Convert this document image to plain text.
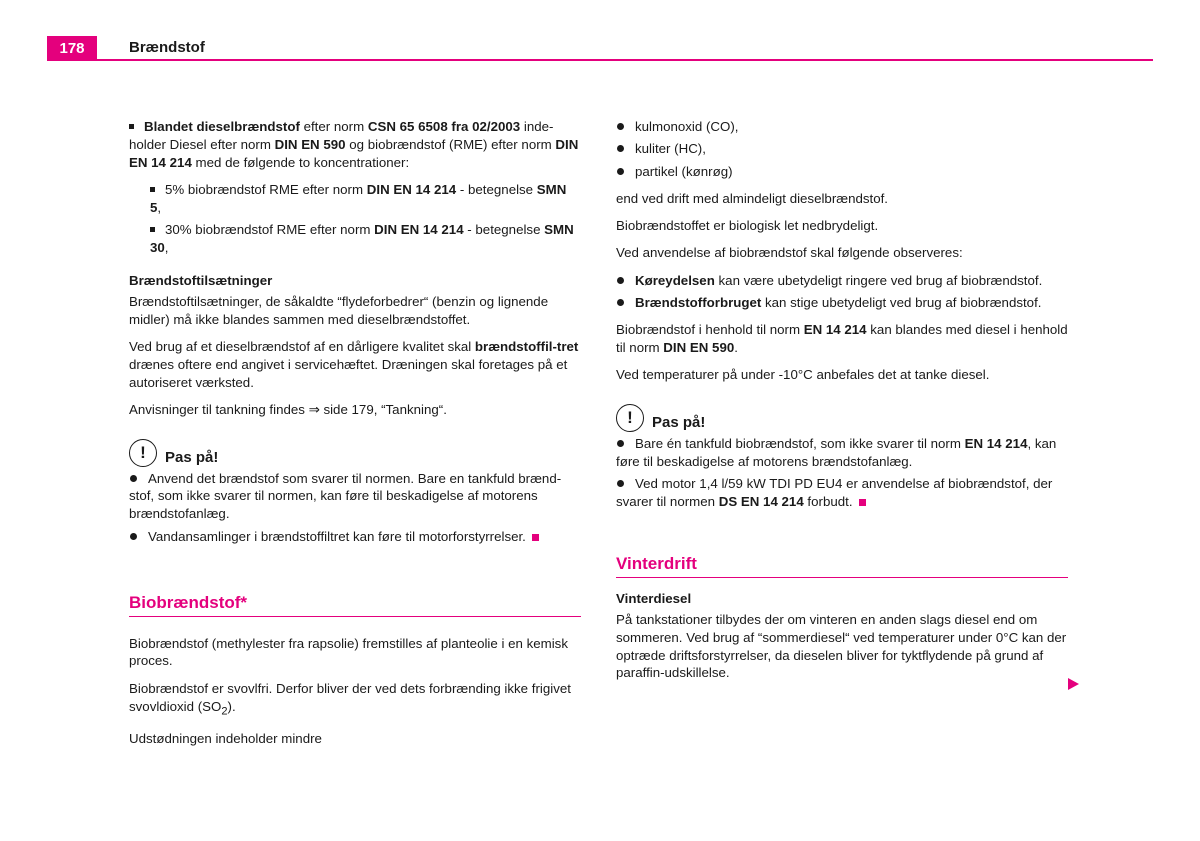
178	Brændstof

Blandet dieselbrændstof efter norm CSN 65 6508 fra 02/2003 inde-holder Diesel efter norm DIN EN 590 og biobrændstof (RME) efter norm DIN EN 14 214 med de følgende to koncentrationer:

5% biobrændstof RME efter norm DIN EN 14 214 - betegnelse SMN 5,
30% biobrændstof RME efter norm DIN EN 14 214 - betegnelse SMN 30,
Brændstoftilsætninger

Brændstoftilsætninger, de såkaldte “flydeforbedrer“ (benzin og lignende midler) må ikke blandes sammen med dieselbrændstoffet.

Ved brug af et dieselbrændstof af en dårligere kvalitet skal brændstoffil-tret drænes oftere end angivet i servicehæftet. Dræningen skal foretages på et autoriseret værksted.

Anvisninger til tankning findes ⇒ side 179, “Tankning“.

!	Pas på!
Anvend det brændstof som svarer til normen. Bare en tankfuld brænd-stof, som ikke svarer til normen, kan føre til beskadigelse af motorens brændstofanlæg.
Vandansamlinger i brændstoffiltret kan føre til motorforstyrrelser.
Biobrændstof*

Biobrændstof (methylester fra rapsolie) fremstilles af planteolie i en kemisk proces.

Biobrændstof er svovlfri. Derfor bliver der ved dets forbrænding ikke frigivet svovldioxid $(SO_2)$.

Udstødningen indeholder mindre

kulmonoxid (CO),
kuliter (HC),
partikel (kønrøg)

end ved drift med almindeligt dieselbrændstof.

Biobrændstoffet er biologisk let nedbrydeligt.

Ved anvendelse af biobrændstof skal følgende observeres:

Køreydelsen kan være ubetydeligt ringere ved brug af biobrændstof.
Brændstofforbruget kan stige ubetydeligt ved brug af biobrændstof.

Biobrændstof i henhold til norm EN 14 214 kan blandes med diesel i henhold til norm DIN EN 590.

Ved temperaturer på under -10°C anbefales det at tanke diesel.

!	Pas på!
Bare én tankfuld biobrændstof, som ikke svarer til norm EN 14 214, kan føre til beskadigelse af motorens brændstofanlæg.
Ved motor 1,4 l/59 kW TDI PD EU4 er anvendelse af biobrændstof, der svarer til normen DS EN 14 214 forbudt.
Vinterdrift
Vinterdiesel

På tankstationer tilbydes der om vinteren en anden slags diesel end om sommeren. Ved brug af “sommerdiesel“ ved temperaturer under 0°C kan der optræde driftsforstyrrelser, da dieselen bliver for tyktflydende på grund af paraffin-udskillelse.
